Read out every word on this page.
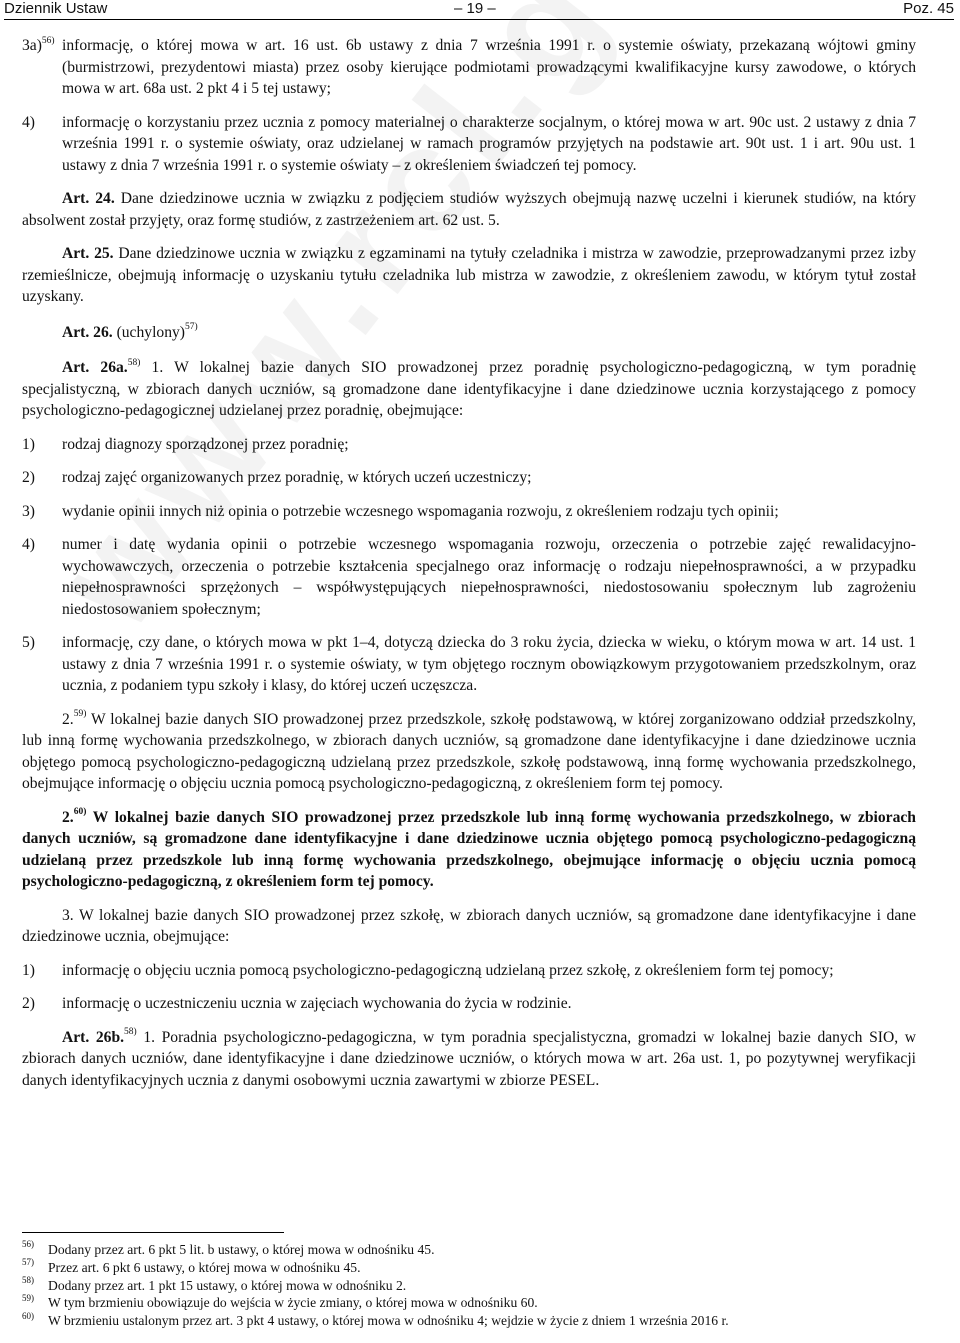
Dziennik Ustaw	– 19 –	Poz. 45
3a)$^{56)}$ informację, o której mowa w art. 16 ust. 6b ustawy z dnia 7 września 1991 r. o systemie oświaty, przekazaną wójtowi gminy (burmistrzowi, prezydentowi miasta) przez osoby kierujące podmiotami prowadzącymi kwalifikacyjne kursy zawodowe, o których mowa w art. 68a ust. 2 pkt 4 i 5 tej ustawy;
4)	informację o korzystaniu przez ucznia z pomocy materialnej o charakterze socjalnym, o której mowa w art. 90c ust. 2 ustawy z dnia 7 września 1991 r. o systemie oświaty, oraz udzielanej w ramach programów przyjętych na podstawie art. 90t ust. 1 i art. 90u ust. 1 ustawy z dnia 7 września 1991 r. o systemie oświaty – z określeniem świadczeń tej pomocy.

Art. 24. Dane dziedzinowe ucznia w związku z podjęciem studiów wyższych obejmują nazwę uczelni i kierunek studiów, na który absolwent został przyjęty, oraz formę studiów, z zastrzeżeniem art. 62 ust. 5.

Art. 25. Dane dziedzinowe ucznia w związku z egzaminami na tytuły czeladnika i mistrza w zawodzie, przeprowadzanymi przez izby rzemieślnicze, obejmują informację o uzyskaniu tytułu czeladnika lub mistrza w zawodzie, z określeniem zawodu, w którym tytuł został uzyskany.

Art. 26. (uchylony)$^{57)}$

Art. 26a.$^{58)}$ 1. W lokalnej bazie danych SIO prowadzonej przez poradnię psychologiczno-pedagogiczną, w tym poradnię specjalistyczną, w zbiorach danych uczniów, są gromadzone dane identyfikacyjne i dane dziedzinowe ucznia korzystającego z pomocy psychologiczno-pedagogicznej udzielanej przez poradnię, obejmujące:

1)	rodzaj diagnozy sporządzonej przez poradnię;
2)	rodzaj zajęć organizowanych przez poradnię, w których uczeń uczestniczy;
3)	wydanie opinii innych niż opinia o potrzebie wczesnego wspomagania rozwoju, z określeniem rodzaju tych opinii;
4)	numer i datę wydania opinii o potrzebie wczesnego wspomagania rozwoju, orzeczenia o potrzebie zajęć rewalidacyjno-wychowawczych, orzeczenia o potrzebie kształcenia specjalnego oraz informację o rodzaju niepełnosprawności, a w przypadku niepełnosprawności sprzężonych – współwystępujących niepełnosprawności, niedostosowaniu społecznym lub zagrożeniu niedostosowaniem społecznym;
5)	informację, czy dane, o których mowa w pkt 1–4, dotyczą dziecka do 3 roku życia, dziecka w wieku, o którym mowa w art. 14 ust. 1 ustawy z dnia 7 września 1991 r. o systemie oświaty, w tym objętego rocznym obowiązkowym przygotowaniem przedszkolnym, oraz ucznia, z podaniem typu szkoły i klasy, do której uczeń uczęszcza.

2.$^{59)}$ W lokalnej bazie danych SIO prowadzonej przez przedszkole, szkołę podstawową, w której zorganizowano oddział przedszkolny, lub inną formę wychowania przedszkolnego, w zbiorach danych uczniów, są gromadzone dane identyfikacyjne i dane dziedzinowe ucznia objętego pomocą psychologiczno-pedagogiczną udzielaną przez przedszkole, szkołę podstawową, inną formę wychowania przedszkolnego, obejmujące informację o objęciu ucznia pomocą psychologiczno-pedagogiczną, z określeniem form tej pomocy.

2.$^{60)}$ W lokalnej bazie danych SIO prowadzonej przez przedszkole lub inną formę wychowania przedszkolnego, w zbiorach danych uczniów, są gromadzone dane identyfikacyjne i dane dziedzinowe ucznia objętego pomocą psychologiczno-pedagogiczną udzielaną przez przedszkole lub inną formę wychowania przedszkolnego, obejmujące informację o objęciu ucznia pomocą psychologiczno-pedagogiczną, z określeniem form tej pomocy.

3. W lokalnej bazie danych SIO prowadzonej przez szkołę, w zbiorach danych uczniów, są gromadzone dane identyfikacyjne i dane dziedzinowe ucznia, obejmujące:

1)	informację o objęciu ucznia pomocą psychologiczno-pedagogiczną udzielaną przez szkołę, z określeniem form tej pomocy;
2)	informację o uczestniczeniu ucznia w zajęciach wychowania do życia w rodzinie.

Art. 26b.$^{58)}$ 1. Poradnia psychologiczno-pedagogiczna, w tym poradnia specjalistyczna, gromadzi w lokalnej bazie danych SIO, w zbiorach danych uczniów, dane identyfikacyjne i dane dziedzinowe uczniów, o których mowa w art. 26a ust. 1, po pozytywnej weryfikacji danych identyfikacyjnych ucznia z danymi osobowymi ucznia zawartymi w zbiorze PESEL.

$^{56)}$	Dodany przez art. 6 pkt 5 lit. b ustawy, o której mowa w odnośniku 45.
$^{57)}$	Przez art. 6 pkt 6 ustawy, o której mowa w odnośniku 45.
$^{58)}$	Dodany przez art. 1 pkt 15 ustawy, o której mowa w odnośniku 2.
$^{59)}$	W tym brzmieniu obowiązuje do wejścia w życie zmiany, o której mowa w odnośniku 60.
$^{60)}$	W brzmieniu ustalonym przez art. 3 pkt 4 ustawy, o której mowa w odnośniku 4; wejdzie w życie z dniem 1 września 2016 r.
